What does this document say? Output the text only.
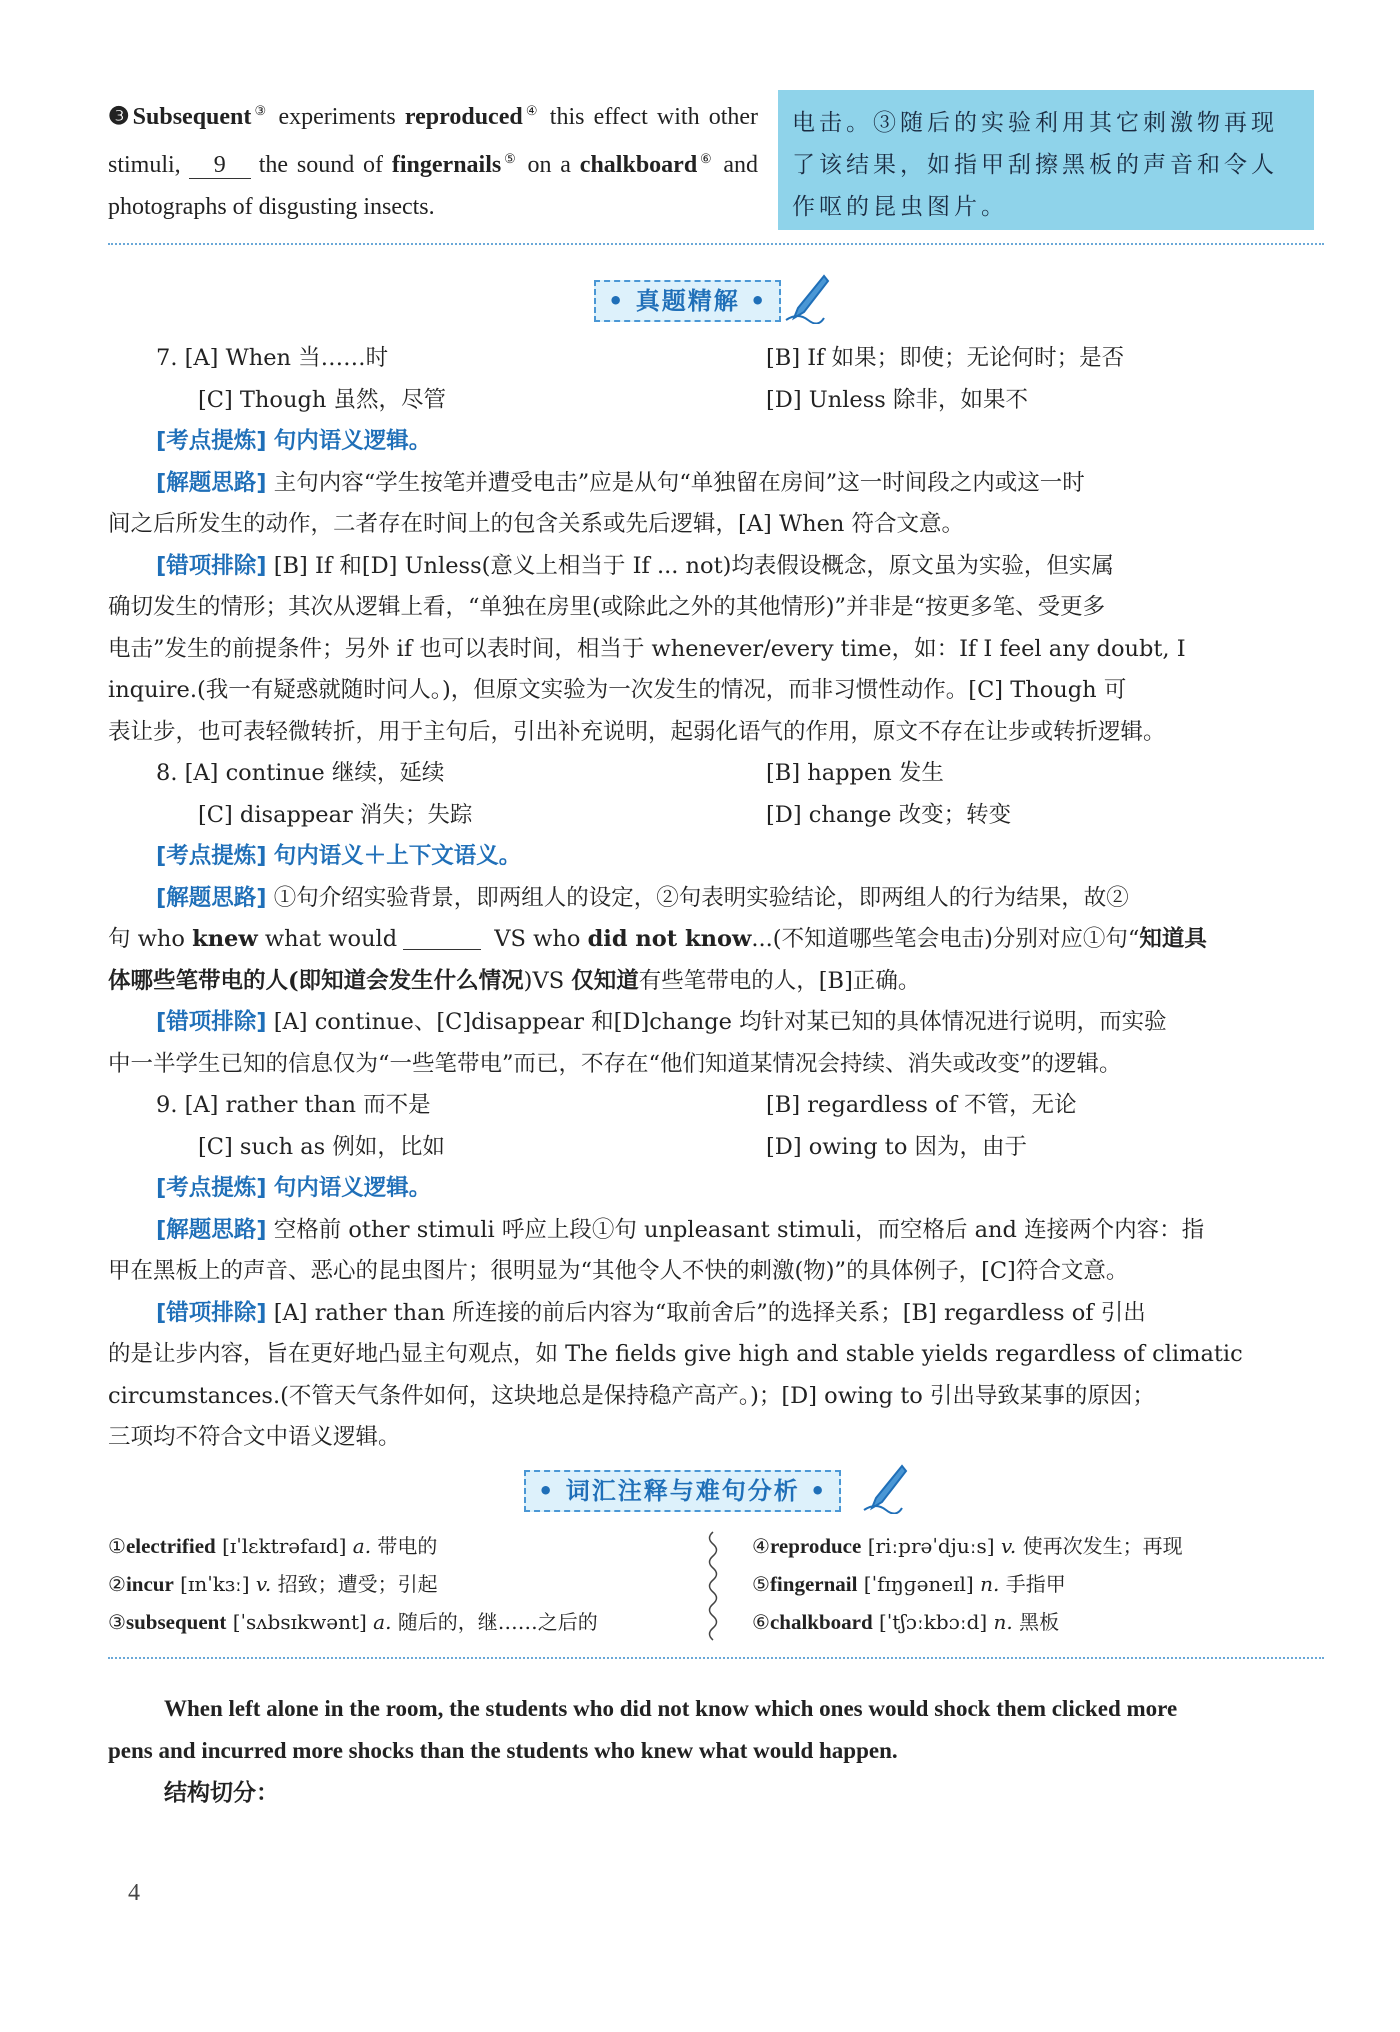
❸Subsequent③ experiments reproduced④ this effect with other stimuli, 9 the sound of fingernails⑤ on a chalkboard⑥ and photographs of disgusting insects.
电击。③随后的实验利用其它刺激物再现了该结果，如指甲刮擦黑板的声音和令人作呕的昆虫图片。
• 真题精解 •
7. [A] When 当……时	[B] If 如果；即使；无论何时；是否
[C] Though 虽然，尽管	[D] Unless 除非，如果不
[考点提炼] 句内语义逻辑。
[解题思路] 主句内容“学生按笔并遭受电击”应是从句“单独留在房间”这一时间段之内或这一时
间之后所发生的动作，二者存在时间上的包含关系或先后逻辑，[A] When 符合文意。
[错项排除] [B] If 和[D] Unless(意义上相当于 If ... not)均表假设概念，原文虽为实验，但实属
确切发生的情形；其次从逻辑上看，“单独在房里(或除此之外的其他情形)”并非是“按更多笔、受更多
电击”发生的前提条件；另外 if 也可以表时间，相当于 whenever/every time，如：If I feel any doubt, I
inquire.(我一有疑惑就随时问人。)，但原文实验为一次发生的情况，而非习惯性动作。[C] Though 可
表让步，也可表轻微转折，用于主句后，引出补充说明，起弱化语气的作用，原文不存在让步或转折逻辑。
8. [A] continue 继续，延续	[B] happen 发生
[C] disappear 消失；失踪	[D] change 改变；转变
[考点提炼] 句内语义＋上下文语义。
[解题思路] ①句介绍实验背景，即两组人的设定，②句表明实验结论，即两组人的行为结果，故②
句 who knew what would	VS who did not know...(不知道哪些笔会电击)分别对应①句“知道具
体哪些笔带电的人(即知道会发生什么情况)VS 仅知道有些笔带电的人，[B]正确。
[错项排除] [A] continue、[C]disappear 和[D]change 均针对某已知的具体情况进行说明，而实验
中一半学生已知的信息仅为“一些笔带电”而已，不存在“他们知道某情况会持续、消失或改变”的逻辑。
9. [A] rather than 而不是	[B] regardless of 不管，无论
[C] such as 例如，比如	[D] owing to 因为，由于
[考点提炼] 句内语义逻辑。
[解题思路] 空格前 other stimuli 呼应上段①句 unpleasant stimuli，而空格后 and 连接两个内容：指
甲在黑板上的声音、恶心的昆虫图片；很明显为“其他令人不快的刺激(物)”的具体例子，[C]符合文意。
[错项排除] [A] rather than 所连接的前后内容为“取前舍后”的选择关系；[B] regardless of 引出
的是让步内容，旨在更好地凸显主句观点，如 The fields give high and stable yields regardless of climatic
circumstances.(不管天气条件如何，这块地总是保持稳产高产。)；[D] owing to 引出导致某事的原因；
三项均不符合文中语义逻辑。
• 词汇注释与难句分析 •
①electrified [ɪˈlɛktrəfaɪd] a. 带电的
②incur [ɪnˈkɜː] v. 招致；遭受；引起
③subsequent [ˈsʌbsɪkwənt] a. 随后的，继……之后的
④reproduce [riːprəˈdjuːs] v. 使再次发生；再现
⑤fingernail [ˈfɪŋɡəneɪl] n. 手指甲
⑥chalkboard [ˈtʃɔːkbɔːd] n. 黑板
When left alone in the room, the students who did not know which ones would shock them clicked more
pens and incurred more shocks than the students who knew what would happen.
结构切分：
4
